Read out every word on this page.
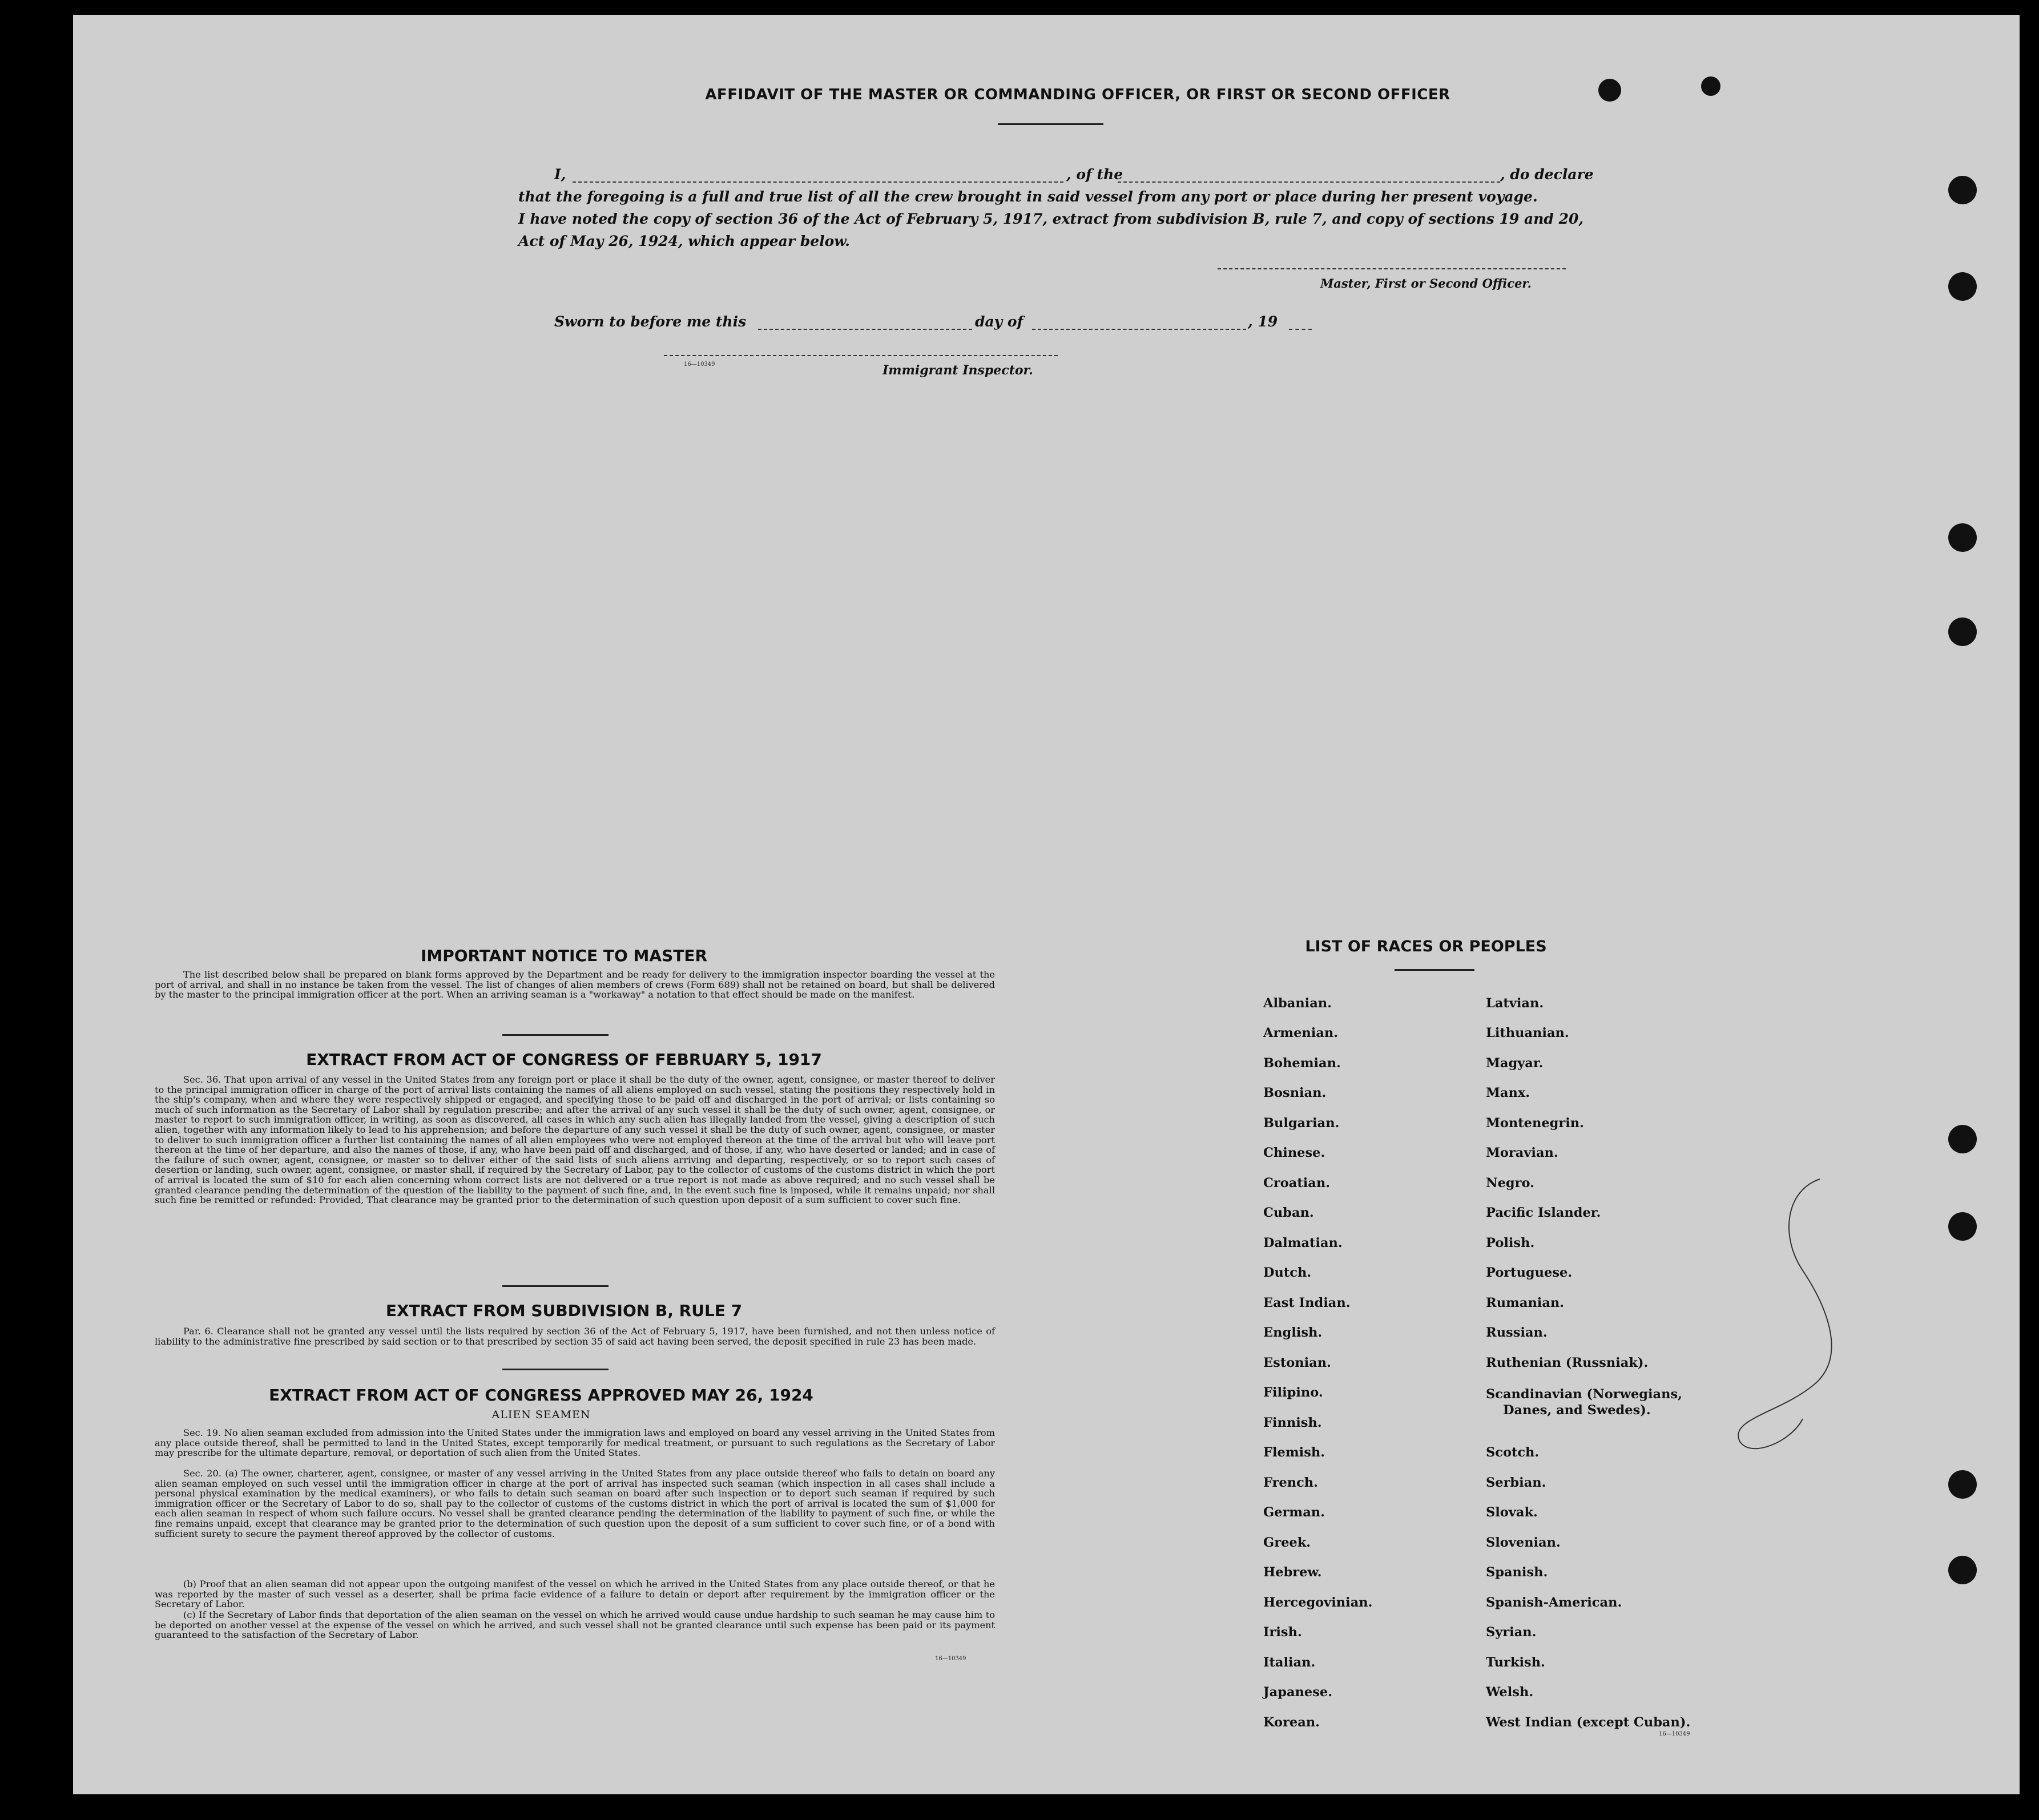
AFFIDAVIT OF THE MASTER OR COMMANDING OFFICER, OR FIRST OR SECOND OFFICER
I,	, of the	, do declare
that the foregoing is a full and true list of all the crew brought in said vessel from any port or place during her present voyage.
I have noted the copy of section 36 of the Act of February 5, 1917, extract from subdivision B, rule 7, and copy of sections 19 and 20,
Act of May 26, 1924, which appear below.
Master, First or Second Officer.
Sworn to before me this	day of	, 19
16—10349	Immigrant Inspector.
IMPORTANT NOTICE TO MASTER
The list described below shall be prepared on blank forms approved by the Department and be ready for delivery to the immigration inspector boarding the vessel at the port of arrival, and shall in no instance be taken from the vessel. The list of changes of alien members of crews (Form 689) shall not be retained on board, but shall be delivered by the master to the principal immigration officer at the port. When an arriving seaman is a "workaway" a notation to that effect should be made on the manifest.
EXTRACT FROM ACT OF CONGRESS OF FEBRUARY 5, 1917
Sec. 36. That upon arrival of any vessel in the United States from any foreign port or place it shall be the duty of the owner, agent, consignee, or master thereof to deliver to the principal immigration officer in charge of the port of arrival lists containing the names of all aliens employed on such vessel, stating the positions they respectively hold in the ship's company, when and where they were respectively shipped or engaged, and specifying those to be paid off and discharged in the port of arrival; or lists containing so much of such information as the Secretary of Labor shall by regulation prescribe; and after the arrival of any such vessel it shall be the duty of such owner, agent, consignee, or master to report to such immigration officer, in writing, as soon as discovered, all cases in which any such alien has illegally landed from the vessel, giving a description of such alien, together with any information likely to lead to his apprehension; and before the departure of any such vessel it shall be the duty of such owner, agent, consignee, or master to deliver to such immigration officer a further list containing the names of all alien employees who were not employed thereon at the time of the arrival but who will leave port thereon at the time of her departure, and also the names of those, if any, who have been paid off and discharged, and of those, if any, who have deserted or landed; and in case of the failure of such owner, agent, consignee, or master so to deliver either of the said lists of such aliens arriving and departing, respectively, or so to report such cases of desertion or landing, such owner, agent, consignee, or master shall, if required by the Secretary of Labor, pay to the collector of customs of the customs district in which the port of arrival is located the sum of $10 for each alien concerning whom correct lists are not delivered or a true report is not made as above required; and no such vessel shall be granted clearance pending the determination of the question of the liability to the payment of such fine, and, in the event such fine is imposed, while it remains unpaid; nor shall such fine be remitted or refunded: Provided, That clearance may be granted prior to the determination of such question upon deposit of a sum sufficient to cover such fine.
EXTRACT FROM SUBDIVISION B, RULE 7
Par. 6. Clearance shall not be granted any vessel until the lists required by section 36 of the Act of February 5, 1917, have been furnished, and not then unless notice of liability to the administrative fine prescribed by said section or to that prescribed by section 35 of said act having been served, the deposit specified in rule 23 has been made.
EXTRACT FROM ACT OF CONGRESS APPROVED MAY 26, 1924
ALIEN SEAMEN
Sec. 19. No alien seaman excluded from admission into the United States under the immigration laws and employed on board any vessel arriving in the United States from any place outside thereof, shall be permitted to land in the United States, except temporarily for medical treatment, or pursuant to such regulations as the Secretary of Labor may prescribe for the ultimate departure, removal, or deportation of such alien from the United States.
Sec. 20. (a) The owner, charterer, agent, consignee, or master of any vessel arriving in the United States from any place outside thereof who fails to detain on board any alien seaman employed on such vessel until the immigration officer in charge at the port of arrival has inspected such seaman (which inspection in all cases shall include a personal physical examination by the medical examiners), or who fails to detain such seaman on board after such inspection or to deport such seaman if required by such immigration officer or the Secretary of Labor to do so, shall pay to the collector of customs of the customs district in which the port of arrival is located the sum of $1,000 for each alien seaman in respect of whom such failure occurs. No vessel shall be granted clearance pending the determination of the liability to payment of such fine, or while the fine remains unpaid, except that clearance may be granted prior to the determination of such question upon the deposit of a sum sufficient to cover such fine, or of a bond with sufficient surety to secure the payment thereof approved by the collector of customs.
(b) Proof that an alien seaman did not appear upon the outgoing manifest of the vessel on which he arrived in the United States from any place outside thereof, or that he was reported by the master of such vessel as a deserter, shall be prima facie evidence of a failure to detain or deport after requirement by the immigration officer or the Secretary of Labor.
(c) If the Secretary of Labor finds that deportation of the alien seaman on the vessel on which he arrived would cause undue hardship to such seaman he may cause him to be deported on another vessel at the expense of the vessel on which he arrived, and such vessel shall not be granted clearance until such expense has been paid or its payment guaranteed to the satisfaction of the Secretary of Labor.
16—10349
LIST OF RACES OR PEOPLES
Albanian.
Armenian.
Bohemian.
Bosnian.
Bulgarian.
Chinese.
Croatian.
Cuban.
Dalmatian.
Dutch.
East Indian.
English.
Estonian.
Filipino.
Finnish.
Flemish.
French.
German.
Greek.
Hebrew.
Hercegovinian.
Irish.
Italian.
Japanese.
Korean.
Latvian.
Lithuanian.
Magyar.
Manx.
Montenegrin.
Moravian.
Negro.
Pacific Islander.
Polish.
Portuguese.
Rumanian.
Russian.
Ruthenian (Russniak).
Scandinavian (Norwegians,
Danes, and Swedes).
Scotch.
Serbian.
Slovak.
Slovenian.
Spanish.
Spanish-American.
Syrian.
Turkish.
Welsh.
West Indian (except Cuban).
16—10349
